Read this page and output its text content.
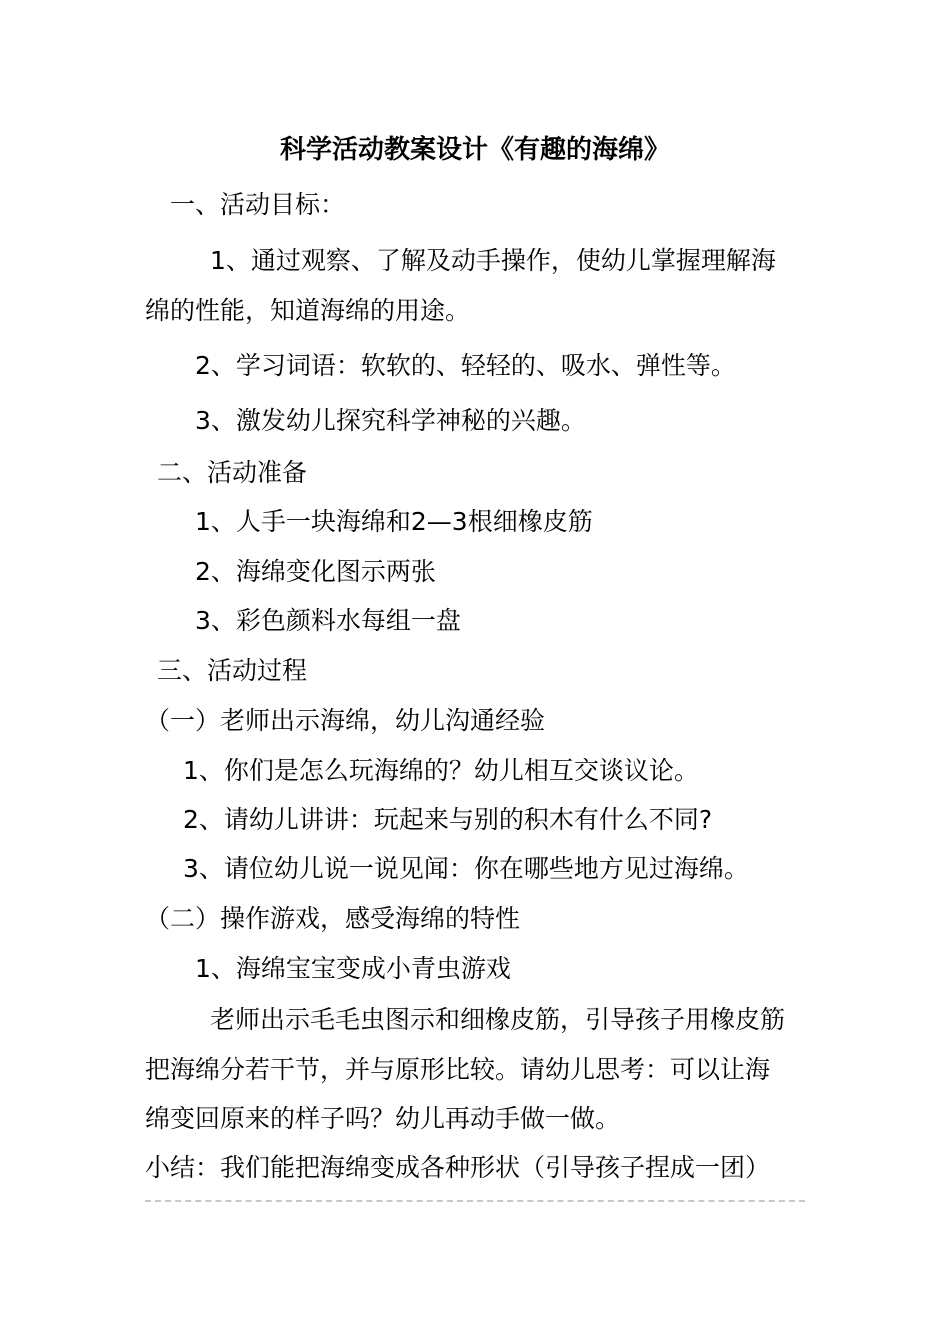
科学活动教案设计《有趣的海绵》
一、活动目标：
1、通过观察、了解及动手操作，使幼儿掌握理解海
绵的性能，知道海绵的用途。
2、学习词语：软软的、轻轻的、吸水、弹性等。
3、激发幼儿探究科学神秘的兴趣。
二、活动准备
1、人手一块海绵和2—3根细橡皮筋
2、海绵变化图示两张
3、彩色颜料水每组一盘
三、活动过程
（一）老师出示海绵，幼儿沟通经验
1、你们是怎么玩海绵的？幼儿相互交谈议论。
2、请幼儿讲讲：玩起来与别的积木有什么不同?
3、请位幼儿说一说见闻：你在哪些地方见过海绵。
（二）操作游戏，感受海绵的特性
1、海绵宝宝变成小青虫游戏
老师出示毛毛虫图示和细橡皮筋，引导孩子用橡皮筋
把海绵分若干节，并与原形比较。请幼儿思考：可以让海
绵变回原来的样子吗？幼儿再动手做一做。
小结：我们能把海绵变成各种形状（引导孩子捏成一团）
